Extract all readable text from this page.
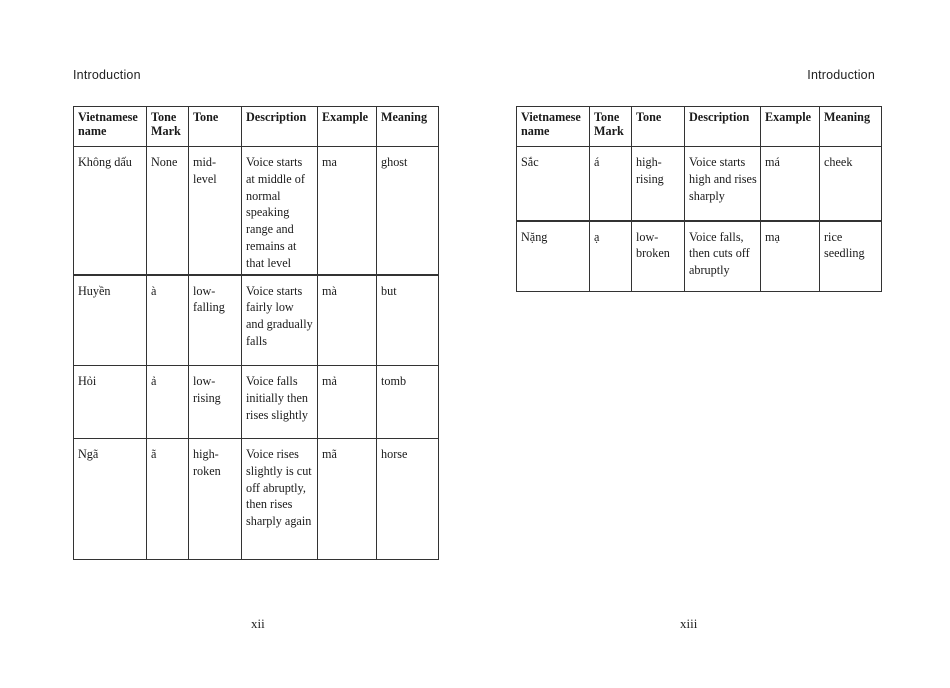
Introduction
Vietnamese name	Tone Mark	Tone	Description	Example	Meaning
Không dấu	None	mid-level	Voice starts at middle of normal speaking range and remains at that level	ma	ghost
Huyền	à	low-falling	Voice starts fairly low and gradually falls	mà	but
Hỏi	ả	low-rising	Voice falls initially then rises slightly	mả	tomb
Ngã	ã	high-roken	Voice rises slightly is cut off abruptly, then rises sharply again	mã	horse
xii
Introduction
Vietnamese name	Tone Mark	Tone	Description	Example	Meaning
Sắc	á	high-rising	Voice starts high and rises sharply	má	cheek
Nặng	ạ	low-broken	Voice falls, then cuts off abruptly	mạ	rice seedling
xiii
